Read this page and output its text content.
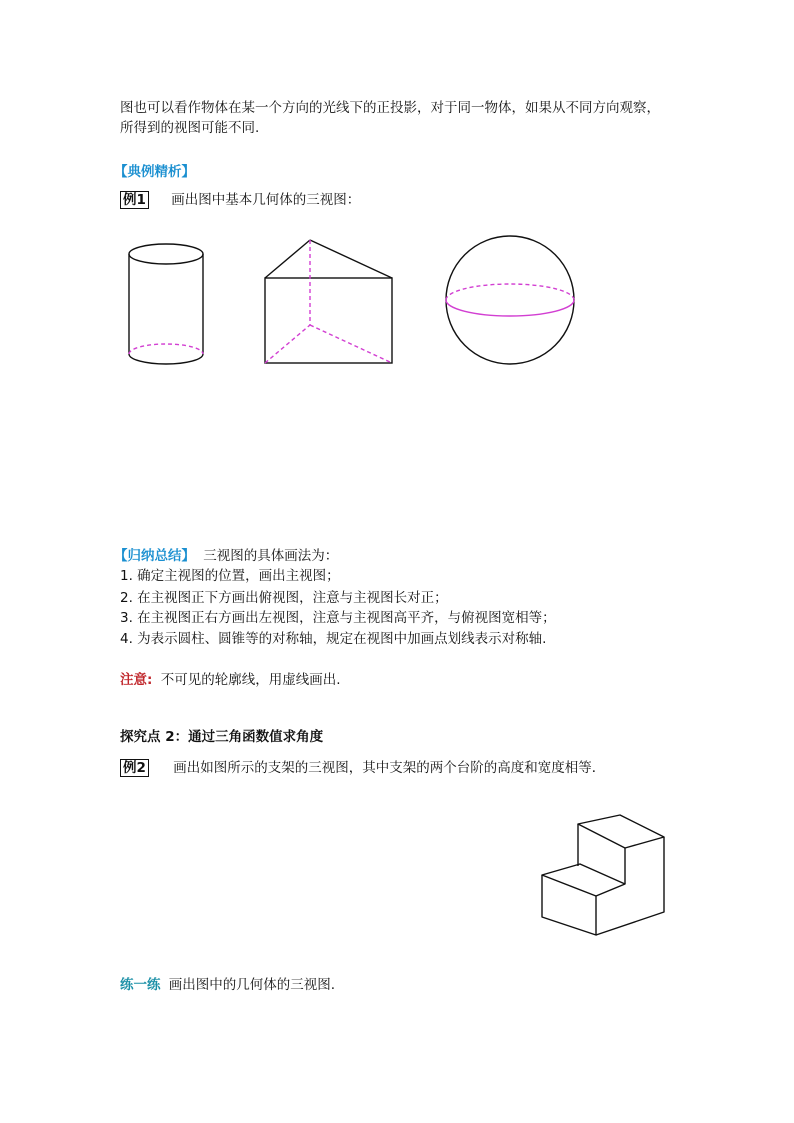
图也可以看作物体在某一个方向的光线下的正投影，对于同一物体，如果从不同方向观察，
所得到的视图可能不同.
【典例精析】
例1 画出图中基本几何体的三视图：
【归纳总结】 三视图的具体画法为：
1. 确定主视图的位置，画出主视图；
2. 在主视图正下方画出俯视图，注意与主视图长对正；
3. 在主视图正右方画出左视图，注意与主视图高平齐，与俯视图宽相等；
4. 为表示圆柱、圆锥等的对称轴，规定在视图中加画点划线表示对称轴.
注意: 不可见的轮廓线，用虚线画出.
探究点 2：通过三角函数值求角度
例2 画出如图所示的支架的三视图，其中支架的两个台阶的高度和宽度相等．
练一练 画出图中的几何体的三视图.
